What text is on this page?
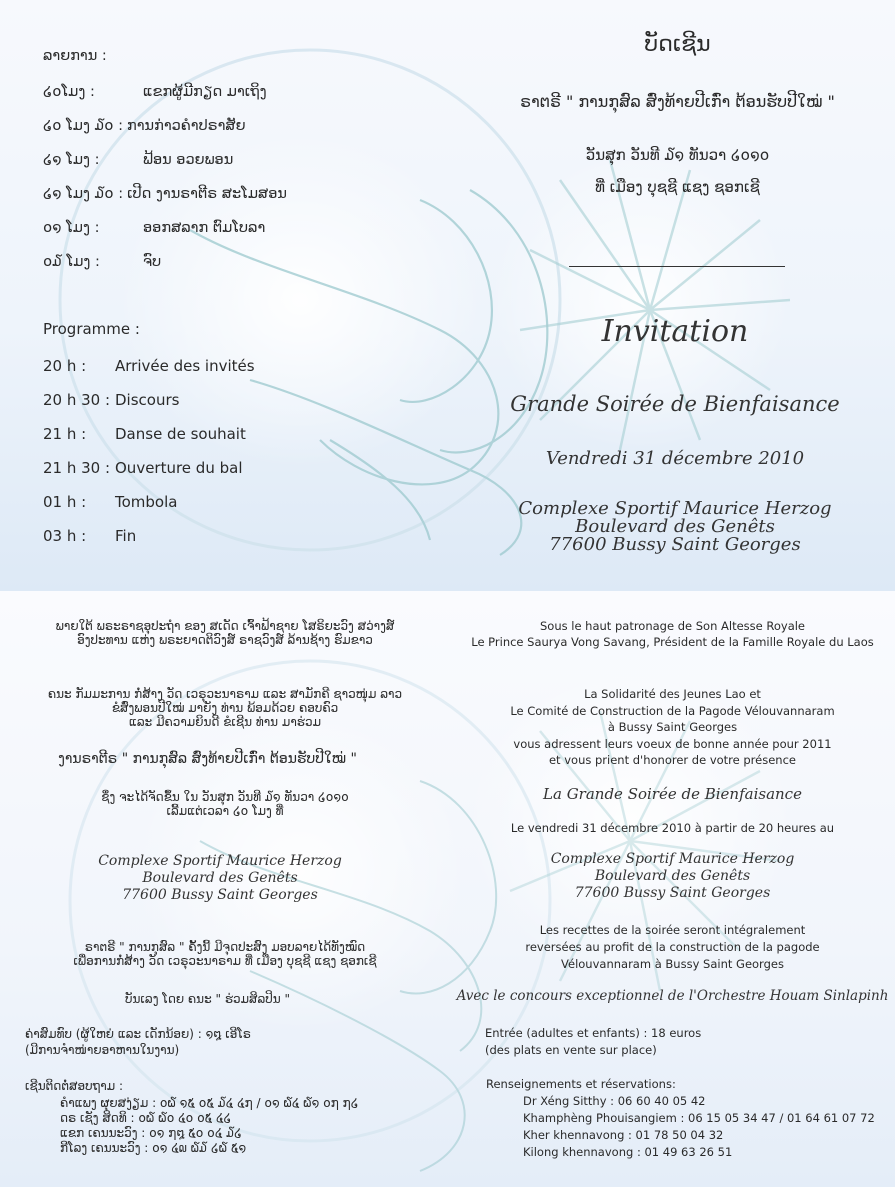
ລາຍການ :
໒໐ໂມງ :	ແຂກຜູ້ມີກຽດ ມາເຖິງ
໒໐ ໂມງ ໓໐ : ການກ່າວຄຳປຣາສັຍ
໒໑ ໂມງ :	ຟ້ອນ ອວຍພອນ
໒໑ ໂມງ ໓໐ : ເປີດ ງານຣາຕີຣ ສະໂມສອນ
໐໑ ໂມງ :	ອອກສລາກ ຕົມໂບລາ
໐໓ ໂມງ :	ຈົບ
Programme :
20 h : Arrivée des invités
20 h 30 : Discours
21 h : Danse de souhait
21 h 30 : Ouverture du bal
01 h : Tombola
03 h : Fin
ບັດເຊີນ
ຣາຕຣີ " ການກຸສົລ ສົ່ງທ້າຍປີເກົ່າ ຕ້ອນຮັບປີໃໝ່ "
ວັນສຸກ ວັນທີ ໓໑ ທັນວາ ໒໐໑໐
ທີ່ ເມືອງ ບຸຊຊີ ແຊງ ຊອກເຊີ
Invitation
Grande Soirée de Bienfaisance
Vendredi 31 décembre 2010
Complexe Sportif Maurice Herzog
Boulevard des Genêts
77600 Bussy Saint Georges
ພາຍໃຕ້ ພຣະຣາຊອຸປະຖຳ ຂອງ ສເດັດ ເຈົ້າຟ້າຊາຍ ໂສຣິຍະວົງ ສວ່າງສ໌
ອົງປະທານ ແຫ່ງ ພຣະຍາດຕິວົງສ໌ ຣາຊວົງສ໌ ລ້ານຊ້າງ ຮົມຂາວ
ຄນະ ກັມມະການ ກໍ່ສ້າງ ວັດ ເວຣຸວະນາຣາມ ແລະ ສາມັກຄີ ຊາວໜຸ່ມ ລາວ
ຂໍສົ່ງພອນປີໃໝ່ ມາຍັງ ທ່ານ ພ້ອມດ້ວຍ ຄອບຄົວ
ແລະ ມີຄວາມຍິນດີ ຂໍເຊີນ ທ່ານ ມາຮ່ວມ
ງານຣາຕີຣ " ການກຸສົລ ສົ່ງທ້າຍປີເກົ່າ ຕ້ອນຮັບປີໃໝ່ "
ຊຶ່ງ ຈະໄດ້ຈັດຂຶ້ນ ໃນ ວັນສຸກ ວັນທີ ໓໑ ທັນວາ ໒໐໑໐
ເລີ້ມແຕ່ເວລາ ໒໐ ໂມງ ທີ່
Complexe Sportif Maurice Herzog
Boulevard des Genêts
77600 Bussy Saint Georges
ຣາຕຣີ " ການກຸສົລ " ຄັ້ງນີ້ ມີຈຸດປະສົງ ມອບລາຍໄດ້ທັງໝົດ
ເພື່ອການກໍ່ສ້າງ ວັດ ເວຣຸວະນາຣາມ ທີ່ ເມືອງ ບຸຊຊີ ແຊງ ຊອກເຊີ
ບັນເລງ ໂດຍ ຄນະ " ຮ່ວມສິລປິນ "
ຄ່າສົມທົບ (ຜູ້ໃຫຍ່ ແລະ ເດັກນ້ອຍ) : ໑໘ ເອີໂຣ
(ມີການຈຳໜ່າຍອາຫານໃນງານ)
ເຊີນຕິດຕໍ່ສອບຖາມ :
ຄຳແພງ ຜຸຍສງ່ຽມ : ໐໖ ໑໕ ໐໕ ໓໔ ໔໗ / ໐໑ ໖໔ ໖໑ ໐໗ ໗໒
ດຣ ເຊັງ ສິດທິ : ໐໖ ໖໐ ໔໐ ໐໕ ໔໒
ແຂກ ເຄນນະວົງ : ໐໑ ໗໘ ໕໐ ໐໔ ໓໒
ກີໂລງ ເຄນນະວົງ : ໐໑ ໔໙ ໖໓ ໒໖ ໕໑
Sous le haut patronage de Son Altesse Royale
Le Prince Saurya Vong Savang, Président de la Famille Royale du Laos
La Solidarité des Jeunes Lao et
Le Comité de Construction de la Pagode Vélouvannaram
à Bussy Saint Georges
vous adressent leurs voeux de bonne année pour 2011
et vous prient d'honorer de votre présence
La Grande Soirée de Bienfaisance
Le vendredi 31 décembre 2010 à partir de 20 heures au
Complexe Sportif Maurice Herzog
Boulevard des Genêts
77600 Bussy Saint Georges
Les recettes de la soirée seront intégralement
reversées au profit de la construction de la pagode
Vélouvannaram à Bussy Saint Georges
Avec le concours exceptionnel de l'Orchestre Houam Sinlapinh
Entrée (adultes et enfants) : 18 euros
(des plats en vente sur place)
Renseignements et réservations:
Dr Xéng Sitthy : 06 60 40 05 42
Khamphèng Phouisangiem : 06 15 05 34 47 / 01 64 61 07 72
Kher khennavong : 01 78 50 04 32
Kilong khennavong : 01 49 63 26 51
